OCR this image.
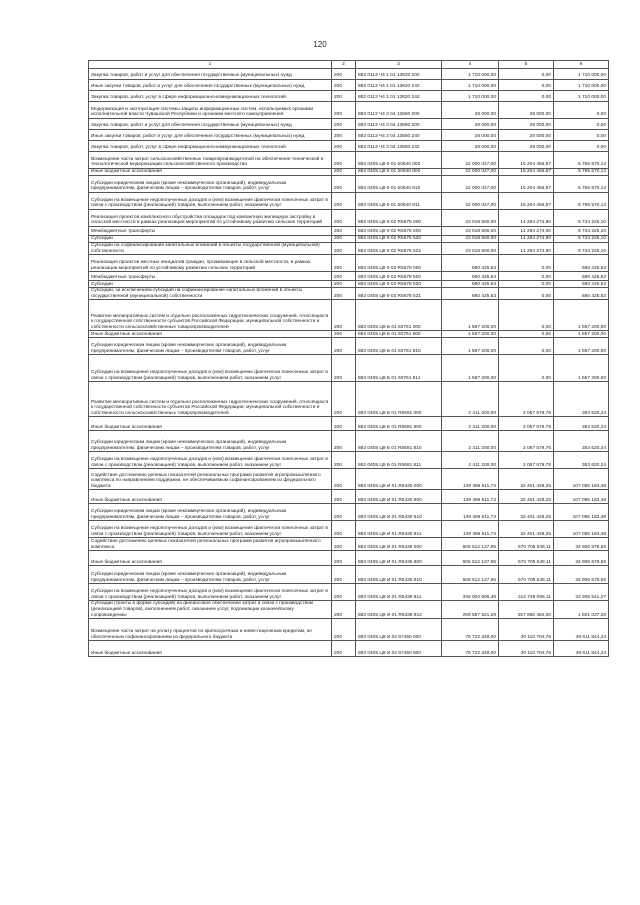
120
1	2	3	4	5	6
Закупка товаров, работ и услуг для обеспечения государственных (муниципальных) нужд	200	882 0113 Ч4 1 01 13820 200	1 710 000,00	0,00	1 710 000,00
Иные закупки товаров, работ и услуг для обеспечения государственных (муниципальных) нужд	200	882 0113 Ч4 1 01 13820 240	1 710 000,00	0,00	1 710 000,00
Закупка товаров, работ, услуг в сфере информационно-коммуникационных технологий	200	882 0113 Ч4 1 01 13820 242	1 710 000,00	0,00	1 710 000,00
Модернизация и эксплуатация системы защиты информационных систем, используемых органами исполнительной власти Чувашской Республики и органами местного самоуправления	200	882 0113 Ч4 3 04 13850 000	28 000,00	28 000,00	0,00
Закупка товаров, работ и услуг для обеспечения государственных (муниципальных) нужд	200	882 0113 Ч4 3 04 13850 200	28 000,00	28 000,00	0,00
Иные закупки товаров, работ и услуг для обеспечения государственных (муниципальных) нужд	200	882 0113 Ч4 3 04 13850 240	28 000,00	28 000,00	0,00
Закупка товаров, работ, услуг в сфере информационно-коммуникационных технологий	200	882 0113 Ч4 3 04 13850 242	28 000,00	28 000,00	0,00
Возмещение части затрат сельскохозяйственных товаропроизводителей на обеспечение технической и технологической модернизации сельскохозяйственного производства	200	882 0405 Ц9 5 01 60640 000	22 000 027,00	15 204 456,87	6 795 570,13
Иные бюджетные ассигнования	200	882 0405 Ц9 5 01 60640 800	22 000 027,00	15 204 456,87	6 795 570,13
Субсидии юридическим лицам (кроме некоммерческих организаций), индивидуальным предпринимателям, физическим лицам – производителям товаров, работ, услуг	200	882 0405 Ц9 5 01 60640 810	22 000 027,00	15 204 456,87	6 795 570,13
Субсидии на возмещение недополученных доходов и (или) возмещение фактически понесенных затрат в связи с производством (реализацией) товаров, выполнением работ, оказанием услуг	200	882 0405 Ц9 5 01 60640 811	22 000 027,00	15 204 456,87	6 795 570,13
Реализация проектов комплексного обустройства площадок под компактную жилищную застройку в сельской местности в рамках реализации мероприятий по устойчивому развитию сельских территорий	200	882 0405 Ц9 9 02 R5675 000	23 018 500,00	14 284 274,90	8 734 225,10
Межбюджетные трансферты	200	882 0405 Ц9 9 02 R5675 500	23 018 500,00	14 284 274,90	8 734 225,10
Субсидии	200	882 0405 Ц9 9 02 R5675 520	23 018 500,00	14 284 274,90	8 734 225,10
Субсидии на софинансирование капитальных вложений в объекты государственной (муниципальной) собственности	200	882 0405 Ц9 9 02 R5675 522	23 018 500,00	14 284 274,90	8 734 225,10
Реализация проектов местных инициатив граждан, проживающих в сельской местности, в рамках реализации мероприятий по устойчивому развитию сельских территорий	200	882 0405 Ц9 9 03 R5678 000	680 425,53	0,00	680 425,53
Межбюджетные трансферты	200	882 0405 Ц9 9 03 R5678 500	680 425,53	0,00	680 425,53
Субсидии	200	882 0405 Ц9 9 03 R5678 520	680 425,53	0,00	680 425,53
Субсидии, за исключением субсидий на софинансирование капитальных вложений в объекты государственной (муниципальной) собственности	200	882 0405 Ц9 9 03 R5678 521	680 425,53	0,00	680 425,53
Развитие мелиоративных систем и отдельно расположенных гидротехнических сооружений, относящихся к государственной собственности субъектов Российской Федерации, муниципальной собственности и собственности сельскохозяйственных товаропроизводителей	200	882 0405 Ц9 Б 01 60761 000	1 567 200,00	0,00	1 567 200,00
Иные бюджетные ассигнования	200	882 0405 Ц9 Б 01 60761 800	1 567 200,00	0,00	1 567 200,00
Субсидии юридическим лицам (кроме некоммерческих организаций), индивидуальным предпринимателям, физическим лицам – производителям товаров, работ, услуг	200	882 0405 Ц9 Б 01 60761 810	1 567 200,00	0,00	1 567 200,00
Субсидии на возмещение недополученных доходов и (или) возмещение фактически понесенных затрат в связи с производством (реализацией) товаров, выполнением работ, оказанием услуг	200	882 0405 Ц9 Б 01 60761 811	1 567 200,00	0,00	1 567 200,00
Развитие мелиоративных систем и отдельно расположенных гидротехнических сооружений, относящихся к государственной собственности субъектов Российской Федерации, муниципальной собственности и собственности сельскохозяйственных товаропроизводителей	200	882 0405 Ц9 Б 01 R5681 000	2 411 200,00	2 057 579,76	353 620,24
Иные бюджетные ассигнования	200	882 0405 Ц9 Б 01 R5681 800	2 411 200,00	2 057 579,76	353 620,24
Субсидии юридическим лицам (кроме некоммерческих организаций), индивидуальным предпринимателям, физическим лицам – производителям товаров, работ, услуг	200	882 0405 Ц9 Б 01 R5681 810	2 411 200,00	2 057 579,76	353 620,24
Субсидии на возмещение недополученных доходов и (или) возмещение фактически понесенных затрат в связи с производством (реализацией) товаров, выполнением работ, оказанием услуг	200	882 0405 Ц9 Б 01 R5681 811	2 411 200,00	2 057 579,76	353 620,24
Содействие достижению целевых показателей региональных программ развития агропромышленного комплекса по направлениям поддержки, не обеспечиваемым софинансированием из федерального бюджета	200	882 0405 Ц9 И 01 R5430 000	139 496 611,73	32 401 428,25	107 095 183,48
Иные бюджетные ассигнования	200	882 0405 Ц9 И 01 R5430 800	139 496 611,73	32 401 428,25	107 095 183,48
Субсидии юридическим лицам (кроме некоммерческих организаций), индивидуальным предпринимателям, физическим лицам – производителям товаров, работ, услуг	200	882 0405 Ц9 И 01 R5430 810	139 496 611,73	32 401 428,25	107 095 183,48
Субсидии на возмещение недополученных доходов и (или) возмещение фактически понесенных затрат в связи с производством (реализацией) товаров, выполнением работ, оказанием услуг	200	882 0405 Ц9 И 01 R5430 811	139 496 611,73	32 401 428,25	107 095 183,48
Содействие достижению целевых показателей региональных программ развития агропромышленного комплекса	200	882 0405 Ц9 И 01 R5436 000	605 612 127,65	570 705 549,11	34 906 578,55
Иные бюджетные ассигнования	200	882 0405 Ц9 И 01 R5436 800	605 612 127,65	570 705 549,11	34 906 578,55
Субсидии юридическим лицам (кроме некоммерческих организаций), индивидуальным предпринимателям, физическим лицам – производителям товаров, работ, услуг	200	882 0405 Ц9 И 01 R5436 810	605 612 127,65	570 705 549,11	34 906 578,55
Субсидии на возмещение недополученных доходов и (или) возмещение фактически понесенных затрат в связи с производством (реализацией) товаров, выполнением работ, оказанием услуг	200	882 0405 Ц9 И 01 R5436 811	346 004 606,38	312 749 065,11	33 305 541,27
Субсидии (гранты в форме субсидий) на финансовое обеспечение затрат в связи с производством (реализацией товаров), выполнением работ, оказанием услуг, подлежащие казначейскому сопровождению	200	882 0405 Ц9 И 01 R5436 812	259 557 521,28	257 956 484,00	1 601 037,28
Возмещение части затрат на уплату процентов по краткосрочным и инвестиционным кредитам, не обеспеченным софинансированием из федерального бюджета	200	882 0405 Ц9 И 02 67450 000	79 722 349,00	30 110 704,76	49 611 644,24
Иные бюджетные ассигнования	200	882 0405 Ц9 И 02 67450 800	79 722 349,00	30 110 704,76	49 611 644,24
